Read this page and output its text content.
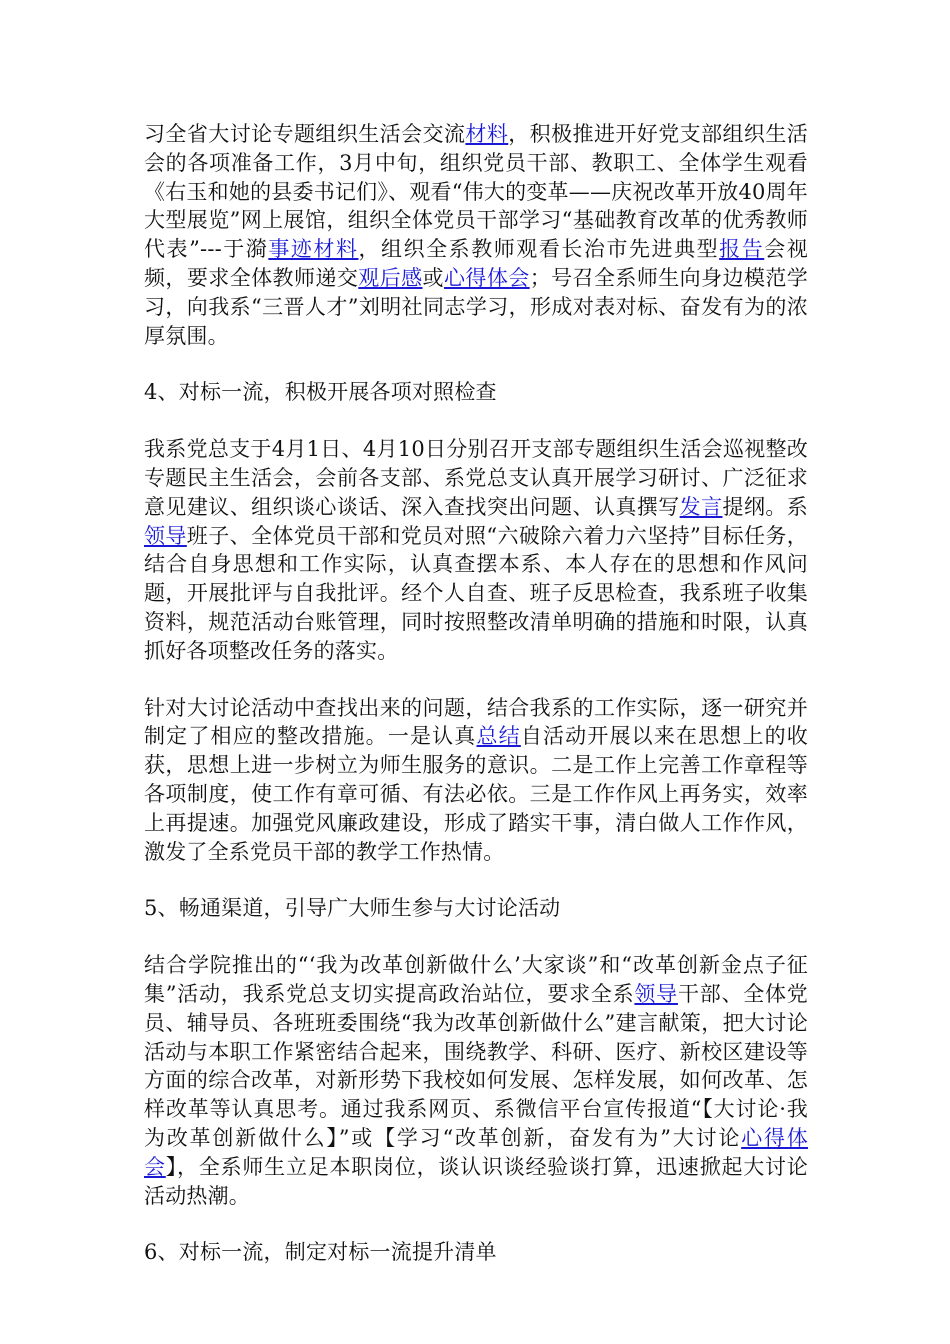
习全省大讨论专题组织生活会交流材料，积极推进开好党支部组织生活会的各项准备工作，3月中旬，组织党员干部、教职工、全体学生观看《右玉和她的县委书记们》、观看“伟大的变革——庆祝改革开放40周年大型展览”网上展馆，组织全体党员干部学习“基础教育改革的优秀教师代表”---于漪事迹材料，组织全系教师观看长治市先进典型报告会视频，要求全体教师递交观后感或心得体会；号召全系师生向身边模范学习，向我系“三晋人才”刘明社同志学习，形成对表对标、奋发有为的浓厚氛围。

4、对标一流，积极开展各项对照检查

我系党总支于4月1日、4月10日分别召开支部专题组织生活会巡视整改专题民主生活会，会前各支部、系党总支认真开展学习研讨、广泛征求意见建议、组织谈心谈话、深入查找突出问题、认真撰写发言提纲。系领导班子、全体党员干部和党员对照“六破除六着力六坚持”目标任务，结合自身思想和工作实际，认真查摆本系、本人存在的思想和作风问题，开展批评与自我批评。经个人自查、班子反思检查，我系班子收集资料，规范活动台账管理，同时按照整改清单明确的措施和时限，认真抓好各项整改任务的落实。

针对大讨论活动中查找出来的问题，结合我系的工作实际，逐一研究并制定了相应的整改措施。一是认真总结自活动开展以来在思想上的收获，思想上进一步树立为师生服务的意识。二是工作上完善工作章程等各项制度，使工作有章可循、有法必依。三是工作作风上再务实，效率上再提速。加强党风廉政建设，形成了踏实干事，清白做人工作作风，激发了全系党员干部的教学工作热情。

5、畅通渠道，引导广大师生参与大讨论活动

结合学院推出的“‘我为改革创新做什么’大家谈”和“改革创新金点子征集”活动，我系党总支切实提高政治站位，要求全系领导干部、全体党员、辅导员、各班班委围绕“我为改革创新做什么”建言献策，把大讨论活动与本职工作紧密结合起来，围绕教学、科研、医疗、新校区建设等方面的综合改革，对新形势下我校如何发展、怎样发展，如何改革、怎样改革等认真思考。通过我系网页、系微信平台宣传报道“【大讨论·我为改革创新做什么】”或【学习“改革创新，奋发有为”大讨论心得体会】，全系师生立足本职岗位，谈认识谈经验谈打算，迅速掀起大讨论活动热潮。

6、对标一流，制定对标一流提升清单
